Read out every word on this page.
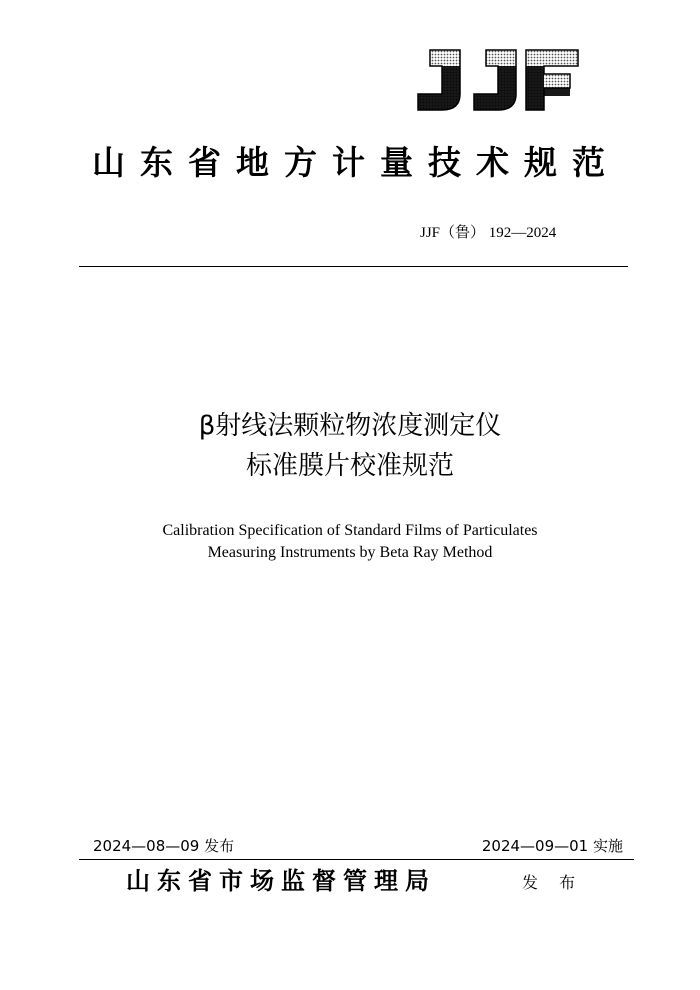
山东省地方计量技术规范
JJF（鲁） 192—2024
β射线法颗粒物浓度测定仪
标准膜片校准规范
Calibration Specification of Standard Films of Particulates
Measuring Instruments by Beta Ray Method
2024—08—09 发布	2024—09—01 实施
山东省市场监督管理局	发 布
